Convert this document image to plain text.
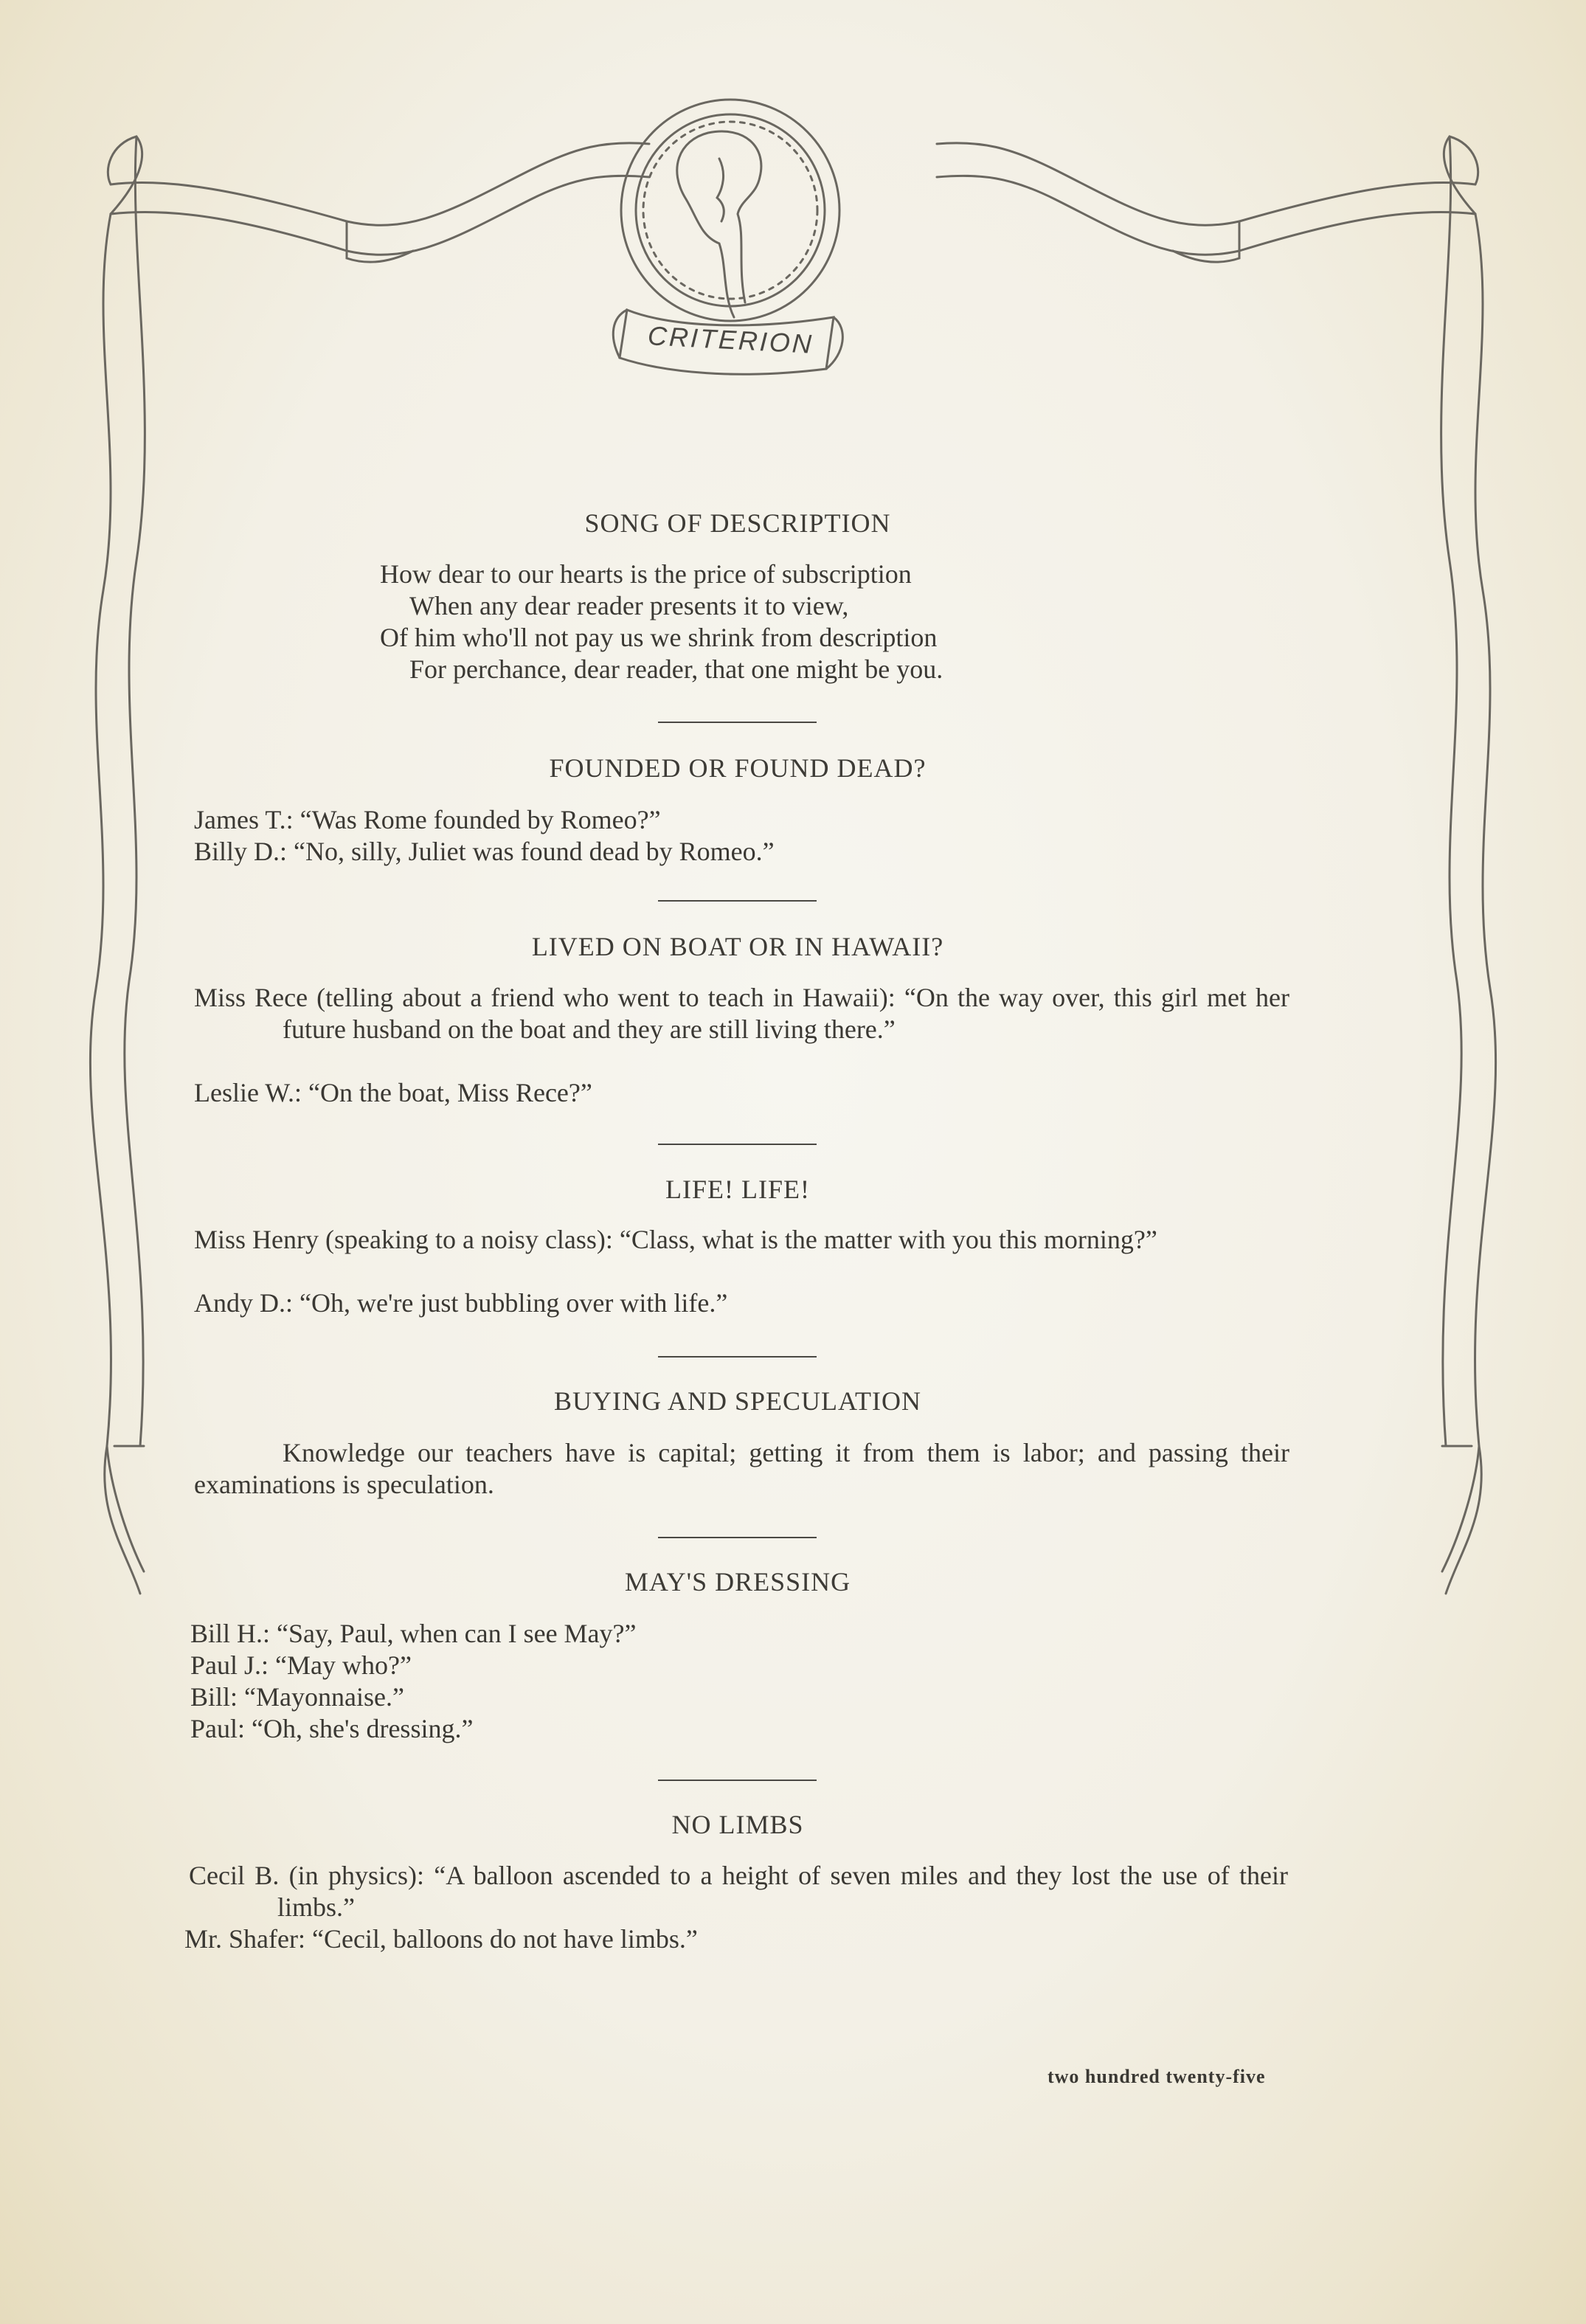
CRITERION
SONG OF DESCRIPTION
How dear to our hearts is the price of subscription
When any dear reader presents it to view,
Of him who'll not pay us we shrink from description
For perchance, dear reader, that one might be you.
FOUNDED OR FOUND DEAD?
James T.: “Was Rome founded by Romeo?”
Billy D.: “No, silly, Juliet was found dead by Romeo.”
LIVED ON BOAT OR IN HAWAII?
Miss Rece (telling about a friend who went to teach in Hawaii): “On the way over, this girl met her future husband on the boat and they are still living there.”
Leslie W.: “On the boat, Miss Rece?”
LIFE! LIFE!
Miss Henry (speaking to a noisy class): “Class, what is the matter with you this morning?”
Andy D.: “Oh, we're just bubbling over with life.”
BUYING AND SPECULATION
Knowledge our teachers have is capital; getting it from them is labor; and passing their examinations is speculation.
MAY'S DRESSING
Bill H.: “Say, Paul, when can I see May?”
Paul J.: “May who?”
Bill: “Mayonnaise.”
Paul: “Oh, she's dressing.”
NO LIMBS
Cecil B. (in physics): “A balloon ascended to a height of seven miles and they lost the use of their limbs.”
Mr. Shafer: “Cecil, balloons do not have limbs.”
two hundred twenty-five
